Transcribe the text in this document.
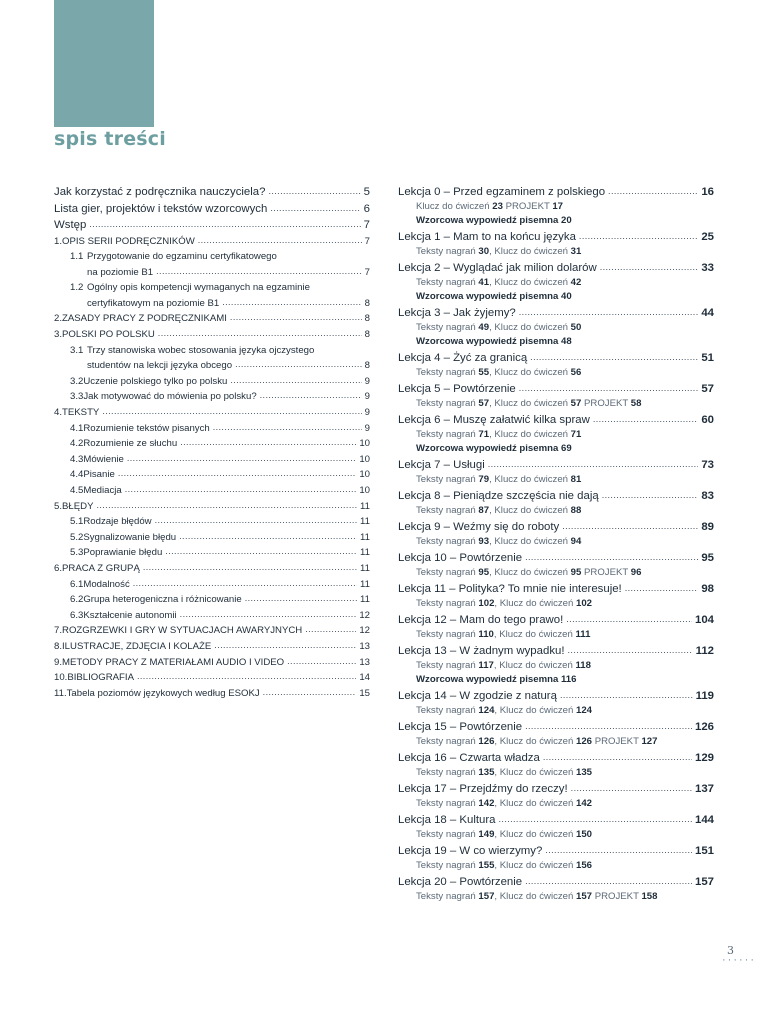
spis treści
Jak korzystać z podręcznika nauczyciela? .....	5
Lista gier, projektów i tekstów wzorcowych .....	6
Wstęp .....	7
1. OPIS SERII PODRĘCZNIKÓW .....	7
1.1 Przygotowanie do egzaminu certyfikatowego
na poziomie B1 .....	7
1.2 Ogólny opis kompetencji wymaganych na egzaminie
certyfikatowym na poziomie B1 .....	8
2. ZASADY PRACY Z PODRĘCZNIKAMI .....	8
3. POLSKI PO POLSKU .....	8
3.1 Trzy stanowiska wobec stosowania języka ojczystego
studentów na lekcji języka obcego .....	8
3.2 Uczenie polskiego tylko po polsku .....	9
3.3 Jak motywować do mówienia po polsku? .....	9
4. TEKSTY .....	9
4.1 Rozumienie tekstów pisanych .....	9
4.2 Rozumienie ze słuchu .....	10
4.3 Mówienie .....	10
4.4 Pisanie .....	10
4.5 Mediacja .....	10
5. BŁĘDY .....	11
5.1 Rodzaje błędów .....	11
5.2 Sygnalizowanie błędu .....	11
5.3 Poprawianie błędu .....	11
6. PRACA Z GRUPĄ .....	11
6.1 Modalność .....	11
6.2 Grupa heterogeniczna i różnicowanie .....	11
6.3 Kształcenie autonomii .....	12
7. ROZGRZEWKI I GRY W SYTUACJACH AWARYJNYCH .....	12
8. ILUSTRACJE, ZDJĘCIA I KOLAŻE .....	13
9. METODY PRACY Z MATERIAŁAMI AUDIO I VIDEO .....	13
10. BIBLIOGRAFIA .....	14
11. Tabela poziomów językowych według ESOKJ .....	15
Lekcja 0 – Przed egzaminem z polskiego .....	16
Klucz do ćwiczeń 23 PROJEKT 17
Wzorcowa wypowiedź pisemna 20
Lekcja 1 – Mam to na końcu języka .....	25
Teksty nagrań 30, Klucz do ćwiczeń 31
Lekcja 2 – Wyglądać jak milion dolarów .....	33
Teksty nagrań 41, Klucz do ćwiczeń 42
Wzorcowa wypowiedź pisemna 40
Lekcja 3 – Jak żyjemy? .....	44
Teksty nagrań 49, Klucz do ćwiczeń 50
Wzorcowa wypowiedź pisemna 48
Lekcja 4 – Żyć za granicą .....	51
Teksty nagrań 55, Klucz do ćwiczeń 56
Lekcja 5 – Powtórzenie .....	57
Teksty nagrań 57, Klucz do ćwiczeń 57 PROJEKT 58
Lekcja 6 – Muszę załatwić kilka spraw .....	60
Teksty nagrań 71, Klucz do ćwiczeń 71
Wzorcowa wypowiedź pisemna 69
Lekcja 7 – Usługi .....	73
Teksty nagrań 79, Klucz do ćwiczeń 81
Lekcja 8 – Pieniądze szczęścia nie dają .....	83
Teksty nagrań 87, Klucz do ćwiczeń 88
Lekcja 9 – Weźmy się do roboty .....	89
Teksty nagrań 93, Klucz do ćwiczeń 94
Lekcja 10 – Powtórzenie .....	95
Teksty nagrań 95, Klucz do ćwiczeń 95 PROJEKT 96
Lekcja 11 – Polityka? To mnie nie interesuje! .....	98
Teksty nagrań 102, Klucz do ćwiczeń 102
Lekcja 12 – Mam do tego prawo! .....	104
Teksty nagrań 110, Klucz do ćwiczeń 111
Lekcja 13 – W żadnym wypadku! .....	112
Teksty nagrań 117, Klucz do ćwiczeń 118
Wzorcowa wypowiedź pisemna 116
Lekcja 14 – W zgodzie z naturą .....	119
Teksty nagrań 124, Klucz do ćwiczeń 124
Lekcja 15 – Powtórzenie .....	126
Teksty nagrań 126, Klucz do ćwiczeń 126 PROJEKT 127
Lekcja 16 – Czwarta władza .....	129
Teksty nagrań 135, Klucz do ćwiczeń 135
Lekcja 17 – Przejdźmy do rzeczy! .....	137
Teksty nagrań 142, Klucz do ćwiczeń 142
Lekcja 18 – Kultura .....	144
Teksty nagrań 149, Klucz do ćwiczeń 150
Lekcja 19 – W co wierzymy? .....	151
Teksty nagrań 155, Klucz do ćwiczeń 156
Lekcja 20 – Powtórzenie .....	157
Teksty nagrań 157, Klucz do ćwiczeń 157 PROJEKT 158
3
······
